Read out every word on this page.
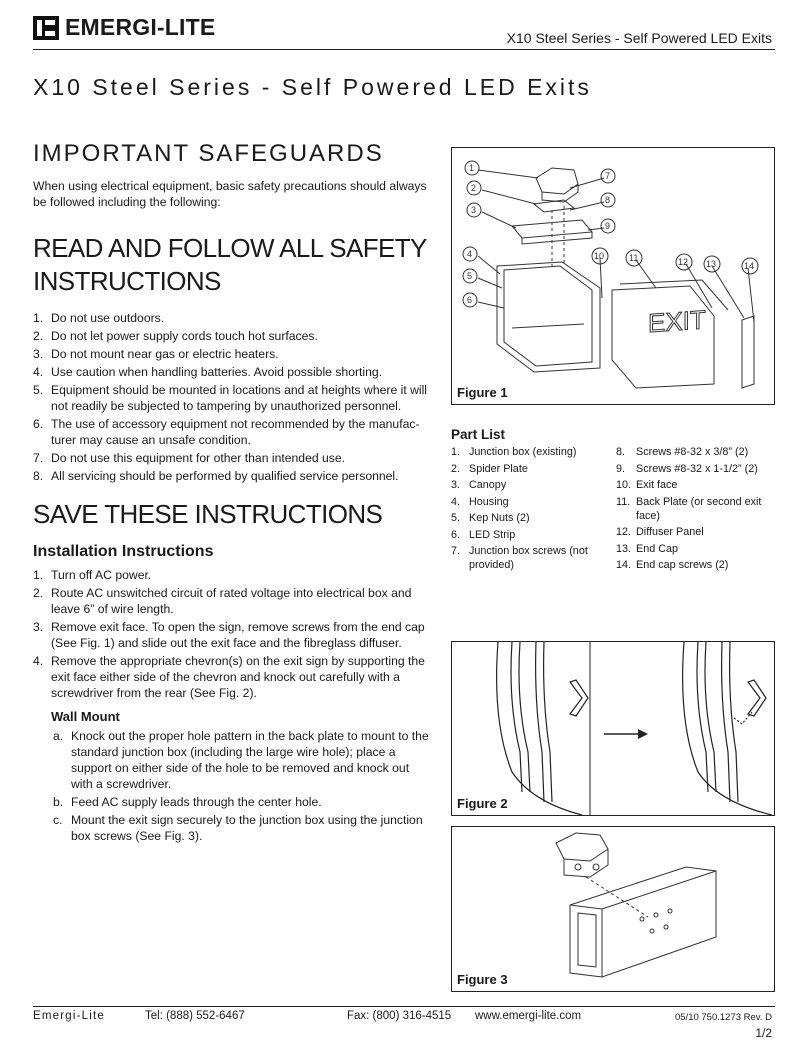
EMERGI-LITE	X10 Steel Series - Self Powered LED Exits
X10 Steel Series - Self Powered LED Exits
IMPORTANT SAFEGUARDS

When using electrical equipment, basic safety precautions should always be followed including the following:

READ AND FOLLOW ALL SAFETY
INSTRUCTIONS
1. Do not use outdoors.
2. Do not let power supply cords touch hot surfaces.
3. Do not mount near gas or electric heaters.
4. Use caution when handling batteries. Avoid possible shorting.
5. Equipment should be mounted in locations and at heights where it will not readily be subjected to tampering by unauthorized personnel.
6. The use of accessory equipment not recommended by the manufac-turer may cause an unsafe condition.
7. Do not use this equipment for other than intended use.
8. All servicing should be performed by qualified service personnel.
SAVE THESE INSTRUCTIONS
Installation Instructions
1. Turn off AC power.
2. Route AC unswitched circuit of rated voltage into electrical box and leave 6” of wire length.
3. Remove exit face. To open the sign, remove screws from the end cap (See Fig. 1) and slide out the exit face and the fibreglass diffuser.
4. Remove the appropriate chevron(s) on the exit sign by supporting the exit face either side of the chevron and knock out carefully with a screwdriver from the rear (See Fig. 2).
Wall Mount
a. Knock out the proper hole pattern in the back plate to mount to the standard junction box (including the large wire hole); place a support on either side of the hole to be removed and knock out with a screwdriver.
b. Feed AC supply leads through the center hole.
c. Mount the exit sign securely to the junction box using the junction box screws (See Fig. 3).
EXIT
1
2
3
4
5
6
7
8
9
10	11	12 13	14
Figure 1
Part List
1. Junction box (existing)
2. Spider Plate
3. Canopy
4. Housing
5. Kep Nuts (2)
6. LED Strip
7. Junction box screws (not provided)
8. Screws #8-32 x 3/8” (2)
9. Screws #8-32 x 1-1/2” (2)
10. Exit face
11. Back Plate (or second exit face)
12. Diffuser Panel
13. End Cap
14. End cap screws (2)
Figure 2
Figure 3
Emergi-Lite	Tel: (888) 552-6467	Fax: (800) 316-4515 www.emergi-lite.com	05/10 750.1273 Rev. D
1/2
